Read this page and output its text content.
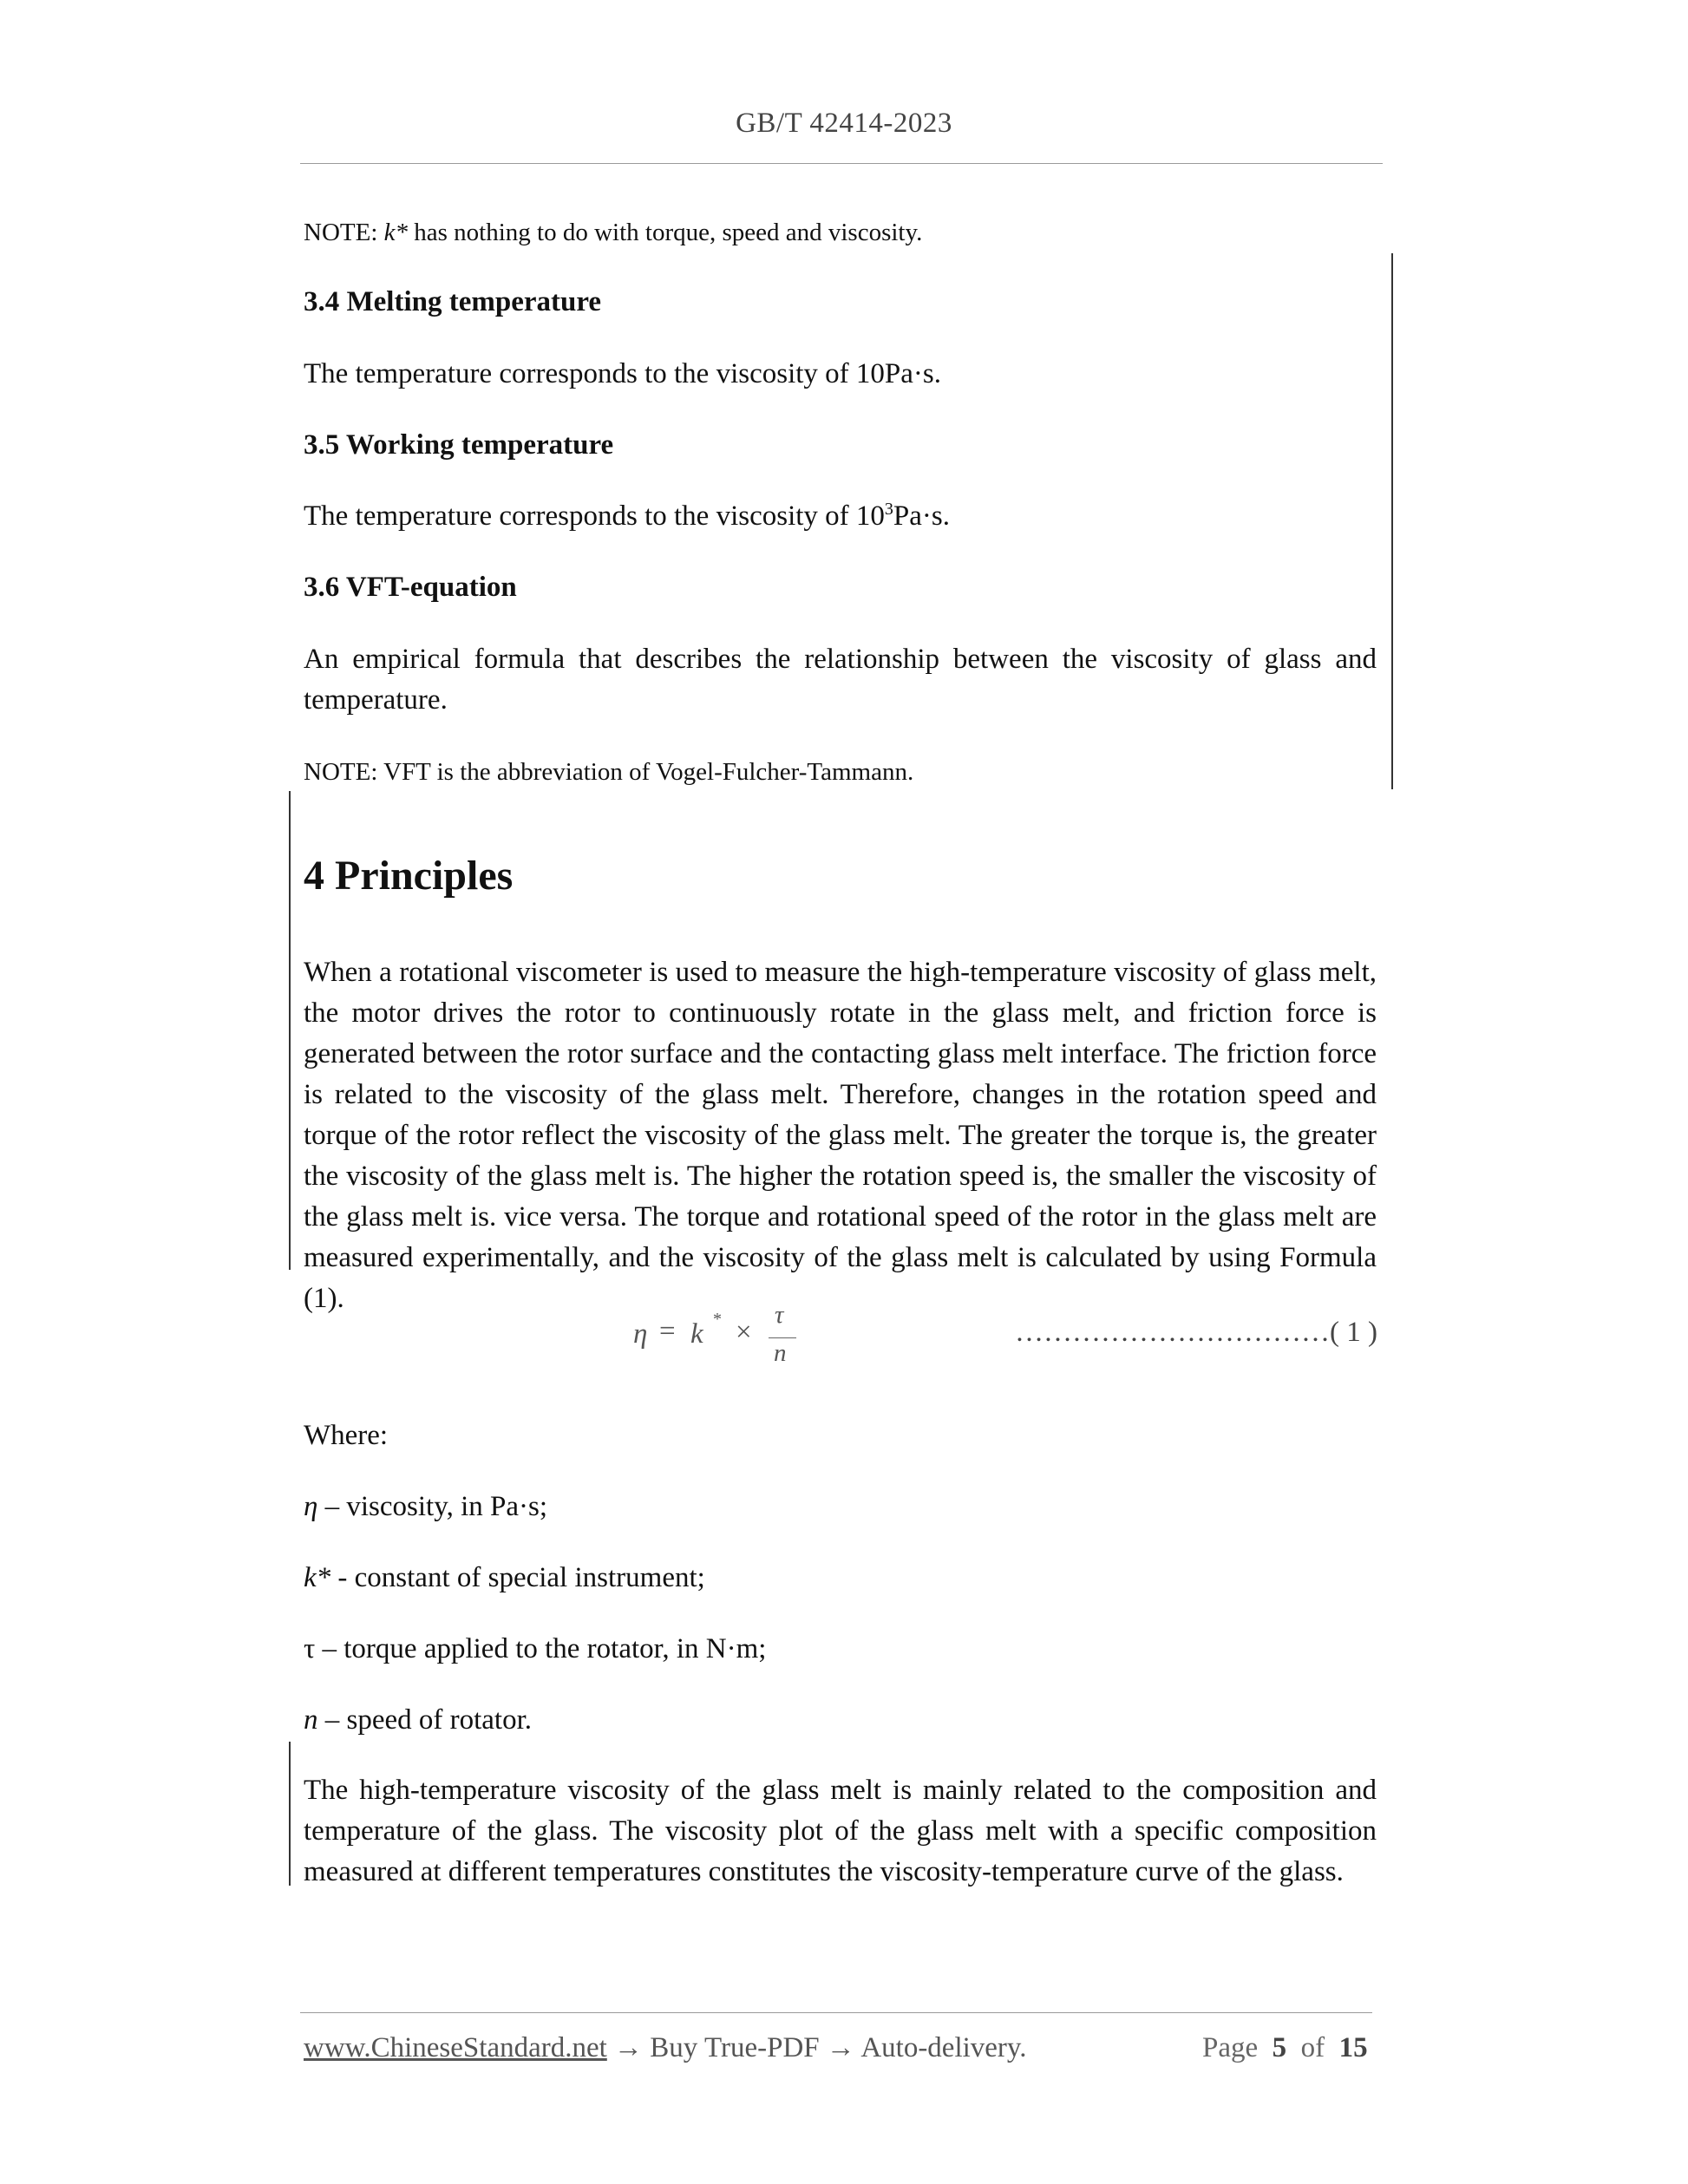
GB/T 42414-2023

NOTE: k* has nothing to do with torque, speed and viscosity.

3.4 Melting temperature

The temperature corresponds to the viscosity of 10Pa·s.

3.5 Working temperature

The temperature corresponds to the viscosity of $10^3Pa\cdot s$.

3.6 VFT-equation

An empirical formula that describes the relationship between the viscosity of glass and temperature.

NOTE: VFT is the abbreviation of Vogel-Fulcher-Tammann.

4 Principles

When a rotational viscometer is used to measure the high-temperature viscosity of glass melt, the motor drives the rotor to continuously rotate in the glass melt, and friction force is generated between the rotor surface and the contacting glass melt interface. The friction force is related to the viscosity of the glass melt. Therefore, changes in the rotation speed and torque of the rotor reflect the viscosity of the glass melt. The greater the torque is, the greater the viscosity of the glass melt is. The higher the rotation speed is, the smaller the viscosity of the glass melt is. vice versa. The torque and rotational speed of the rotor in the glass melt are measured experimentally, and the viscosity of the glass melt is calculated by using Formula (1).

η = k * ×
τ
n
……………………………( 1 )

Where:

η – viscosity, in Pa·s;

k* - constant of special instrument;

τ – torque applied to the rotator, in N·m;

n – speed of rotator.

The high-temperature viscosity of the glass melt is mainly related to the composition and temperature of the glass. The viscosity plot of the glass melt with a specific composition measured at different temperatures constitutes the viscosity-temperature curve of the glass.

www.ChineseStandard.net → Buy True-PDF → Auto-delivery.	Page 5 of 15
